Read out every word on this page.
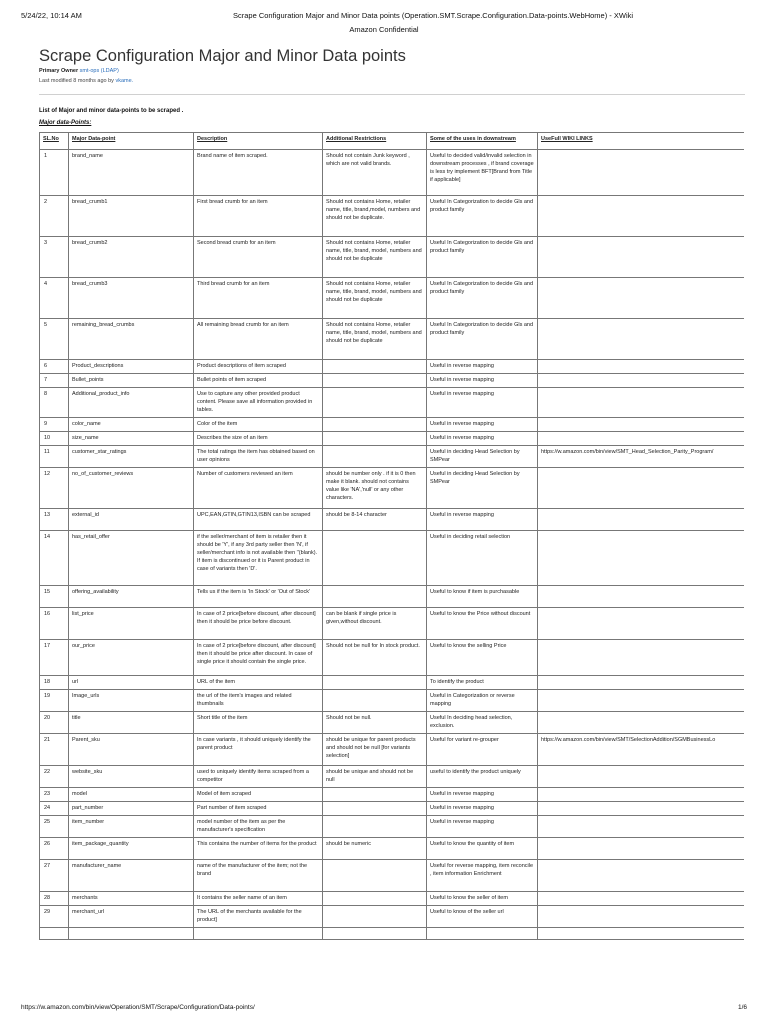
5/24/22, 10:14 AM	Scrape Configuration Major and Minor Data points (Operation.SMT.Scrape.Configuration.Data-points.WebHome) - XWiki
Amazon Confidential
Scrape Configuration Major and Minor Data points
Primary Owner smt-ops (LDAP)
Last modified 8 months ago by vkame.
List of Major and minor data-points to be scraped .
Major data-Points:
SL.No	Major Data-point	Description	Additional Restrictions	Some of the uses in downstream	UseFull WIKI LINKS
1	brand_name	Brand name of item scraped.	Should not contain Junk keyword , which are not valid brands.	Useful to decided valid/invalid selection in downstream processes , if brand coverage is less try implement BFT[Brand from Title if applicable]	
2	bread_crumb1	First bread crumb for an item	Should not contains Home, retailer name, title, brand,model, numbers and should not be duplicate.	Useful In Categorization to decide Gls and product family	
3	bread_crumb2	Second bread crumb for an item	Should not contains Home, retailer name, title, brand, model, numbers and should not be duplicate	Useful In Categorization to decide Gls and product family	
4	bread_crumb3	Third bread crumb for an item	Should not contains Home, retailer name, title, brand, model, numbers and should not be duplicate	Useful In Categorization to decide Gls and product family	
5	remaining_bread_crumbs	All remaining bread crumb for an item	Should not contains Home, retailer name, title, brand, model, numbers and should not be duplicate	Useful In Categorization to decide Gls and product family	
6	Product_descriptions	Product descriptions of item scraped		Useful in reverse mapping	
7	Bullet_points	Bullet points of item scraped		Useful in reverse mapping	
8	Additional_product_info	Use to capture any other provided product content. Please save all information provided in tables.		Useful in reverse mapping	
9	color_name	Color of the item		Useful in reverse mapping	
10	size_name	Describes the size of an item		Useful in reverse mapping	
11	customer_star_ratings	The total ratings the item has obtained based on user opinions		Useful in deciding Head Selection by SMPear	https://w.amazon.com/bin/view/SMT_Head_Selection_Parity_Program/
12	no_of_customer_reviews	Number of customers reviewed an item	should be number only . if it is 0 then make it blank. should not contains value like 'NA','null' or any other characters.	Useful in deciding Head Selection by SMPear	
13	external_id	UPC,EAN,GTIN,GTIN13,ISBN can be scraped	should be 8-14 character	Useful in reverse mapping	
14	has_retail_offer	if the seller/merchant of item is retailer then it should be 'Y', if any 3rd party seller then 'N', if seller/merchant info is not available then ''(blank). If item is discontinued or it is Parent product in case of variants then 'D'.		Useful in deciding retail selection	
15	offering_availability	Tells us if the item is 'In Stock' or 'Out of Stock'		Useful to know if item is purchasable	
16	list_price	In case of 2 price[before discount, after discount] then it should be price before discount.	can be blank if single price is given,without discount.	Useful to know the Price without discount	
17	our_price	In case of 2 price[before discount, after discount] then it should be price after discount. In case of single price it should contain the single price.	Should not be null for In stock product.	Useful to know the selling Price	
18	url	URL of the item		To identify the product	
19	Image_urls	the url of the item's images and related thumbnails		Useful in Categorization or reverse mapping	
20	title	Short title of the item	Should not be null.	Useful In deciding head selection, exclusion.	
21	Parent_sku	In case variants , it should uniquely identify the parent product	should be unique for parent products and should not be null [for variants selection]	Useful for variant re-grouper	https://w.amazon.com/bin/view/SMT/SelectionAddition/SGMBusinessLo
22	website_sku	used to uniquely identify items scraped from a competitor	should be unique and should not be null	useful to identify the product uniquely	
23	model	Model of item scraped		Useful in reverse mapping	
24	part_number	Part number of item scraped		Useful in reverse mapping	
25	item_number	model number of the item as per the manufacturer's specification		Useful in reverse mapping	
26	item_package_quantity	This contains the number of items for the product	should be numeric	Useful to know the quantity of item	
27	manufacturer_name	name of the manufacturer of the item; not the brand		Useful for reverse mapping, item reconcile , item information Enrichment	
28	merchants	It contains the seller name of an item		Useful to know the seller of item	
29	merchant_url	The URL of the merchants available for the product]		Useful to know of the seller url	

https://w.amazon.com/bin/view/Operation/SMT/Scrape/Configuration/Data-points/	1/6
